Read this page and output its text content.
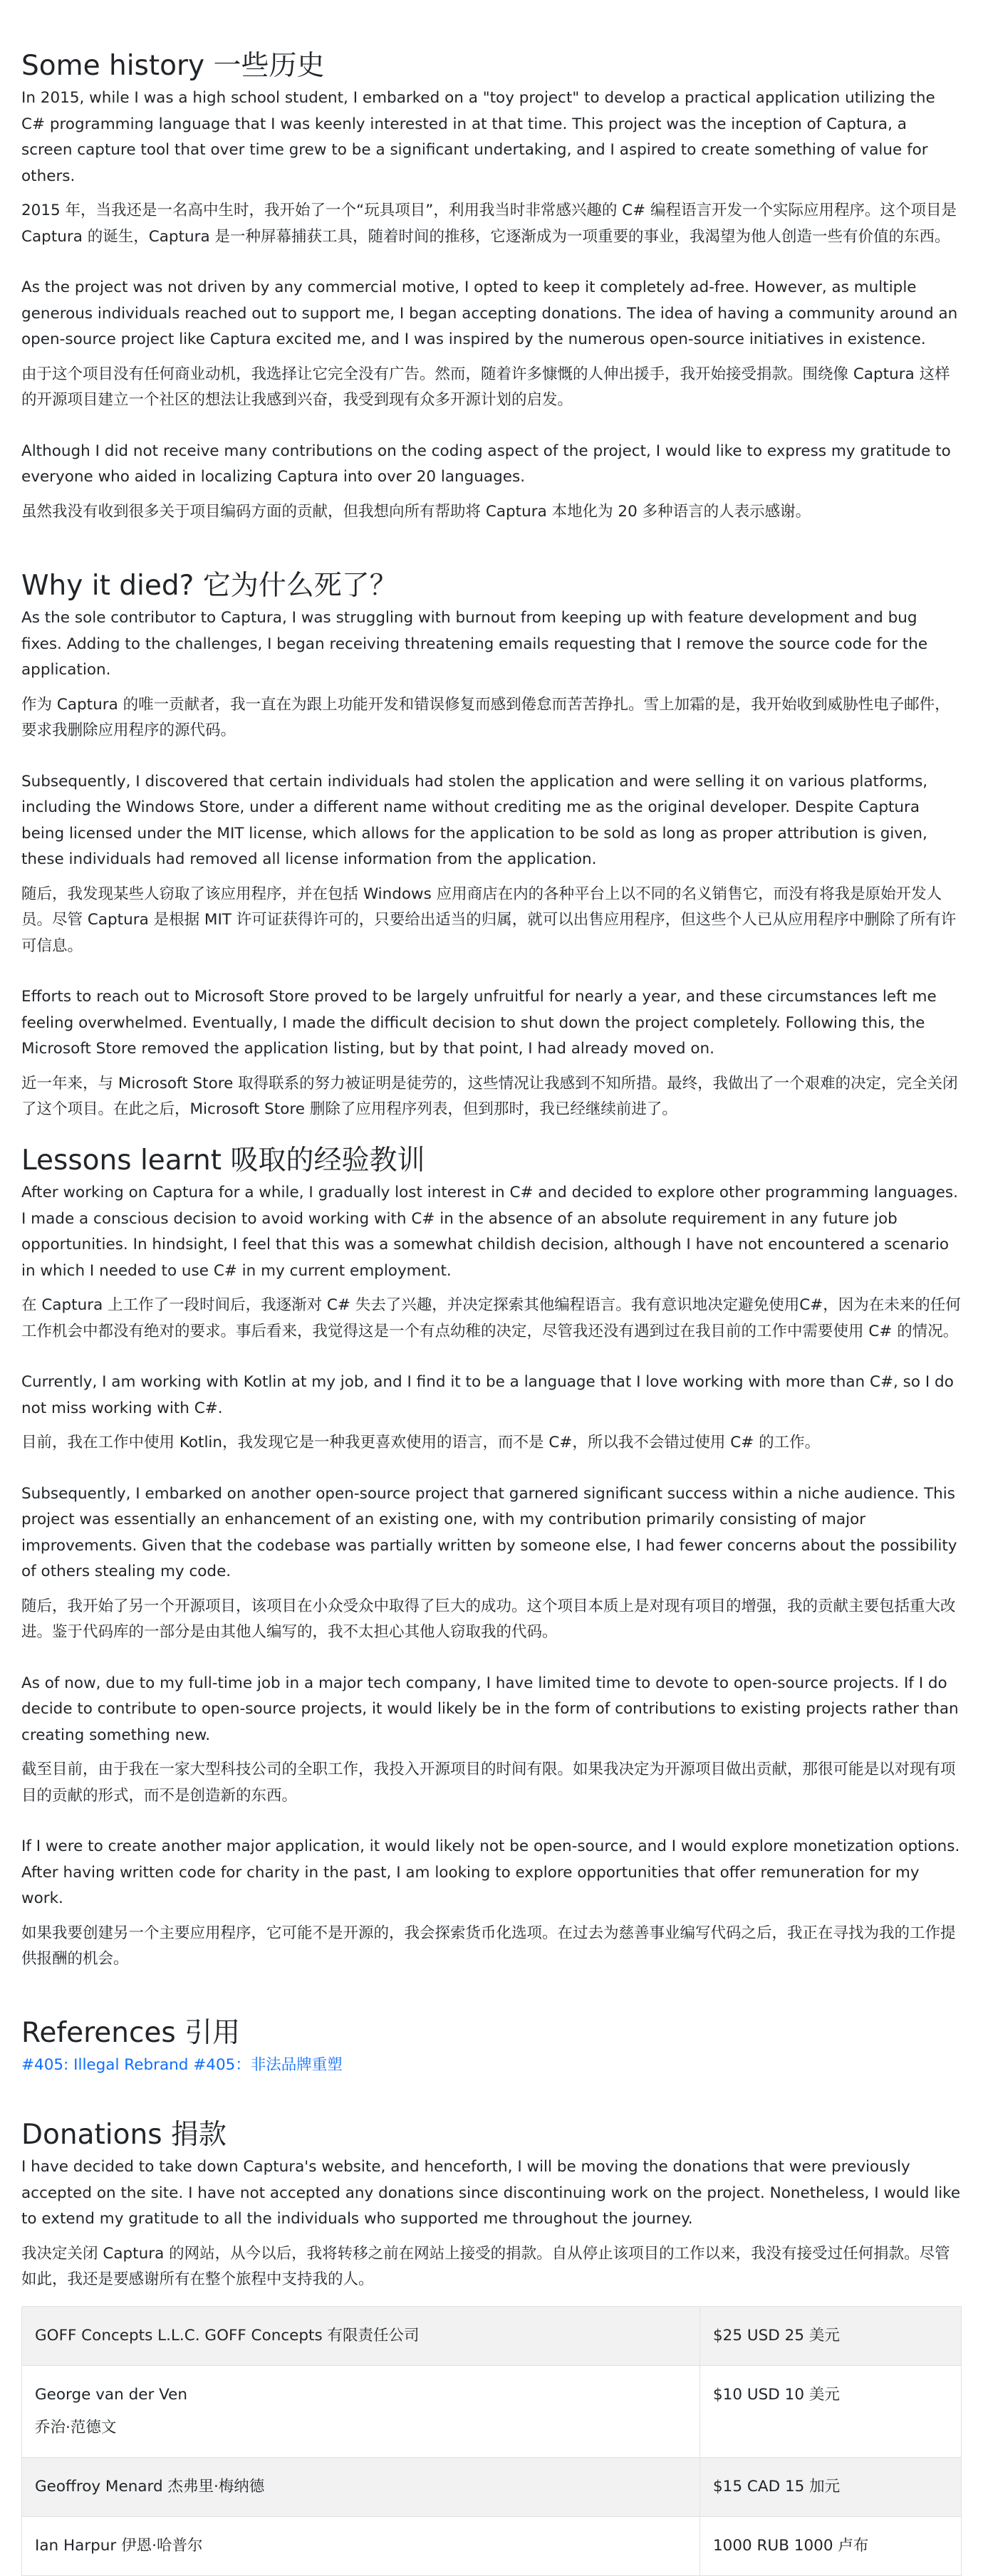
Some history 一些历史

In 2015, while I was a high school student, I embarked on a "toy project" to develop a practical application utilizing the C# programming language that I was keenly interested in at that time. This project was the inception of Captura, a screen capture tool that over time grew to be a significant undertaking, and I aspired to create something of value for others.

2015 年，当我还是一名高中生时，我开始了一个“玩具项目”，利用我当时非常感兴趣的 C# 编程语言开发一个实际应用程序。这个项目是 Captura 的诞生，Captura 是一种屏幕捕获工具，随着时间的推移，它逐渐成为一项重要的事业，我渴望为他人创造一些有价值的东西。

As the project was not driven by any commercial motive, I opted to keep it completely ad-free. However, as multiple generous individuals reached out to support me, I began accepting donations. The idea of having a community around an open-source project like Captura excited me, and I was inspired by the numerous open-source initiatives in existence.

由于这个项目没有任何商业动机，我选择让它完全没有广告。然而，随着许多慷慨的人伸出援手，我开始接受捐款。围绕像 Captura 这样的开源项目建立一个社区的想法让我感到兴奋，我受到现有众多开源计划的启发。

Although I did not receive many contributions on the coding aspect of the project, I would like to express my gratitude to everyone who aided in localizing Captura into over 20 languages.

虽然我没有收到很多关于项目编码方面的贡献，但我想向所有帮助将 Captura 本地化为 20 多种语言的人表示感谢。

Why it died? 它为什么死了？

As the sole contributor to Captura, I was struggling with burnout from keeping up with feature development and bug fixes. Adding to the challenges, I began receiving threatening emails requesting that I remove the source code for the application.

作为 Captura 的唯一贡献者，我一直在为跟上功能开发和错误修复而感到倦怠而苦苦挣扎。雪上加霜的是，我开始收到威胁性电子邮件，要求我删除应用程序的源代码。

Subsequently, I discovered that certain individuals had stolen the application and were selling it on various platforms, including the Windows Store, under a different name without crediting me as the original developer. Despite Captura being licensed under the MIT license, which allows for the application to be sold as long as proper attribution is given, these individuals had removed all license information from the application.

随后，我发现某些人窃取了该应用程序，并在包括 Windows 应用商店在内的各种平台上以不同的名义销售它，而没有将我是原始开发人员。尽管 Captura 是根据 MIT 许可证获得许可的，只要给出适当的归属，就可以出售应用程序，但这些个人已从应用程序中删除了所有许可信息。

Efforts to reach out to Microsoft Store proved to be largely unfruitful for nearly a year, and these circumstances left me feeling overwhelmed. Eventually, I made the difficult decision to shut down the project completely. Following this, the Microsoft Store removed the application listing, but by that point, I had already moved on.

近一年来，与 Microsoft Store 取得联系的努力被证明是徒劳的，这些情况让我感到不知所措。最终，我做出了一个艰难的决定，完全关闭了这个项目。在此之后，Microsoft Store 删除了应用程序列表，但到那时，我已经继续前进了。

Lessons learnt 吸取的经验教训

After working on Captura for a while, I gradually lost interest in C# and decided to explore other programming languages. I made a conscious decision to avoid working with C# in the absence of an absolute requirement in any future job opportunities. In hindsight, I feel that this was a somewhat childish decision, although I have not encountered a scenario in which I needed to use C# in my current employment.

在 Captura 上工作了一段时间后，我逐渐对 C# 失去了兴趣，并决定探索其他编程语言。我有意识地决定避免使用C#，因为在未来的任何工作机会中都没有绝对的要求。事后看来，我觉得这是一个有点幼稚的决定，尽管我还没有遇到过在我目前的工作中需要使用 C# 的情况。

Currently, I am working with Kotlin at my job, and I find it to be a language that I love working with more than C#, so I do not miss working with C#.

目前，我在工作中使用 Kotlin，我发现它是一种我更喜欢使用的语言，而不是 C#，所以我不会错过使用 C# 的工作。

Subsequently, I embarked on another open-source project that garnered significant success within a niche audience. This project was essentially an enhancement of an existing one, with my contribution primarily consisting of major improvements. Given that the codebase was partially written by someone else, I had fewer concerns about the possibility of others stealing my code.

随后，我开始了另一个开源项目，该项目在小众受众中取得了巨大的成功。这个项目本质上是对现有项目的增强，我的贡献主要包括重大改进。鉴于代码库的一部分是由其他人编写的，我不太担心其他人窃取我的代码。

As of now, due to my full-time job in a major tech company, I have limited time to devote to open-source projects. If I do decide to contribute to open-source projects, it would likely be in the form of contributions to existing projects rather than creating something new.

截至目前，由于我在一家大型科技公司的全职工作，我投入开源项目的时间有限。如果我决定为开源项目做出贡献，那很可能是以对现有项目的贡献的形式，而不是创造新的东西。

If I were to create another major application, it would likely not be open-source, and I would explore monetization options. After having written code for charity in the past, I am looking to explore opportunities that offer remuneration for my work.

如果我要创建另一个主要应用程序，它可能不是开源的，我会探索货币化选项。在过去为慈善事业编写代码之后，我正在寻找为我的工作提供报酬的机会。

References 引用
#405: Illegal Rebrand #405：非法品牌重塑
Donations 捐款

I have decided to take down Captura's website, and henceforth, I will be moving the donations that were previously accepted on the site. I have not accepted any donations since discontinuing work on the project. Nonetheless, I would like to extend my gratitude to all the individuals who supported me throughout the journey.

我决定关闭 Captura 的网站，从今以后，我将转移之前在网站上接受的捐款。自从停止该项目的工作以来，我没有接受过任何捐款。尽管如此，我还是要感谢所有在整个旅程中支持我的人。

GOFF Concepts L.L.C. GOFF Concepts 有限责任公司	$25 USD 25 美元
George van der Ven
乔治·范德文	$10 USD 10 美元
Geoffroy Menard 杰弗里·梅纳德	$15 CAD 15 加元
Ian Harpur 伊恩·哈普尔	1000 RUB 1000 卢布
